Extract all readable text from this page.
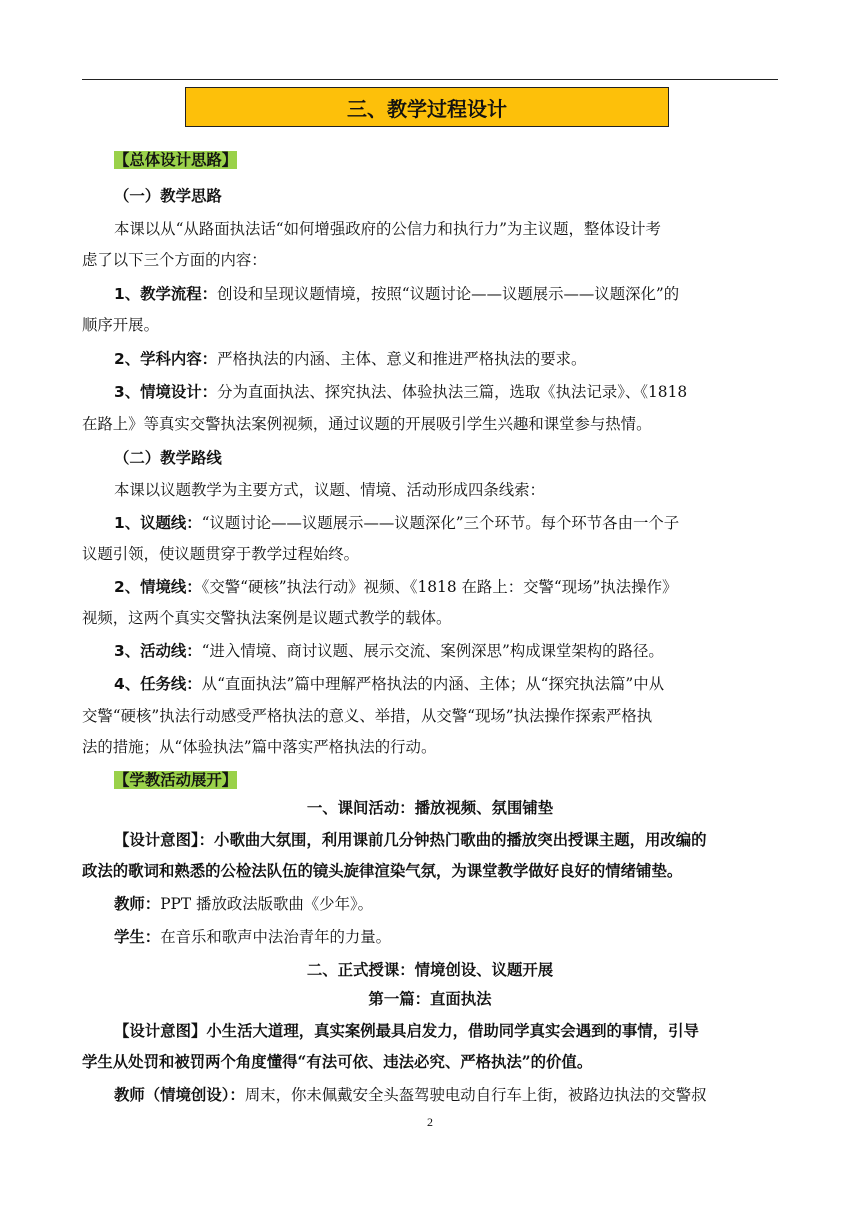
三、教学过程设计
【总体设计思路】
（一）教学思路
本课以从“从路面执法话“如何增强政府的公信力和执行力”为主议题，整体设计考
虑了以下三个方面的内容：
1、教学流程：创设和呈现议题情境，按照“议题讨论——议题展示——议题深化”的
顺序开展。
2、学科内容：严格执法的内涵、主体、意义和推进严格执法的要求。
3、情境设计：分为直面执法、探究执法、体验执法三篇，选取《执法记录》、《1818
在路上》等真实交警执法案例视频，通过议题的开展吸引学生兴趣和课堂参与热情。
（二）教学路线
本课以议题教学为主要方式，议题、情境、活动形成四条线索：
1、议题线：“议题讨论——议题展示——议题深化”三个环节。每个环节各由一个子
议题引领，使议题贯穿于教学过程始终。
2、情境线：《交警“硬核”执法行动》视频、《1818 在路上：交警“现场”执法操作》
视频，这两个真实交警执法案例是议题式教学的载体。
3、活动线：“进入情境、商讨议题、展示交流、案例深思”构成课堂架构的路径。
4、任务线：从“直面执法”篇中理解严格执法的内涵、主体；从“探究执法篇”中从
交警“硬核”执法行动感受严格执法的意义、举措，从交警“现场”执法操作探索严格执
法的措施；从“体验执法”篇中落实严格执法的行动。
【学教活动展开】
一、课间活动：播放视频、氛围铺垫
【设计意图】：小歌曲大氛围，利用课前几分钟热门歌曲的播放突出授课主题，用改编的
政法的歌词和熟悉的公检法队伍的镜头旋律渲染气氛，为课堂教学做好良好的情绪铺垫。
教师：PPT 播放政法版歌曲《少年》。
学生：在音乐和歌声中法治青年的力量。
二、正式授课：情境创设、议题开展
第一篇：直面执法
【设计意图】小生活大道理，真实案例最具启发力，借助同学真实会遇到的事情，引导
学生从处罚和被罚两个角度懂得“有法可依、违法必究、严格执法”的价值。
教师（情境创设）：周末，你未佩戴安全头盔驾驶电动自行车上街，被路边执法的交警叔
2
